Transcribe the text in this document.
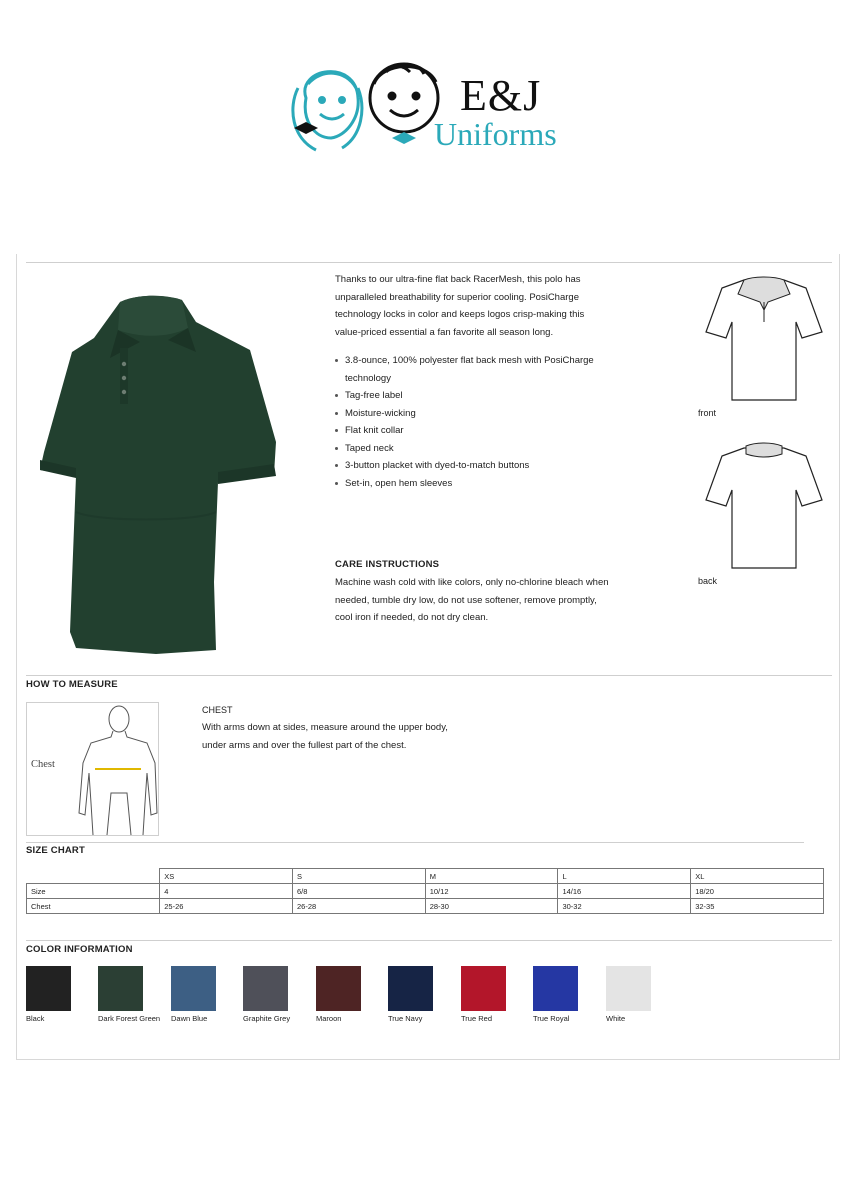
E&J
Uniforms
Thanks to our ultra-fine flat back RacerMesh, this polo has unparalleled breathability for superior cooling. PosiCharge technology locks in color and keeps logos crisp-making this value-priced essential a fan favorite all season long.
3.8-ounce, 100% polyester flat back mesh with PosiCharge technology
Tag-free label
Moisture-wicking
Flat knit collar
Taped neck
3-button placket with dyed-to-match buttons
Set-in, open hem sleeves
CARE INSTRUCTIONS
Machine wash cold with like colors, only no-chlorine bleach when needed, tumble dry low, do not use softener, remove promptly, cool iron if needed, do not dry clean.
front
back
HOW TO MEASURE
Chest
CHEST
With arms down at sides, measure around the upper body,
under arms and over the fullest part of the chest.
SIZE CHART
	XS	S	M	L	XL
Size	4	6/8	10/12	14/16	18/20
Chest	25-26	26-28	28-30	30-32	32-35
COLOR INFORMATION
Black	Dark Forest Green Dawn Blue	Graphite Grey	Maroon	True Navy	True Red	True Royal	White
